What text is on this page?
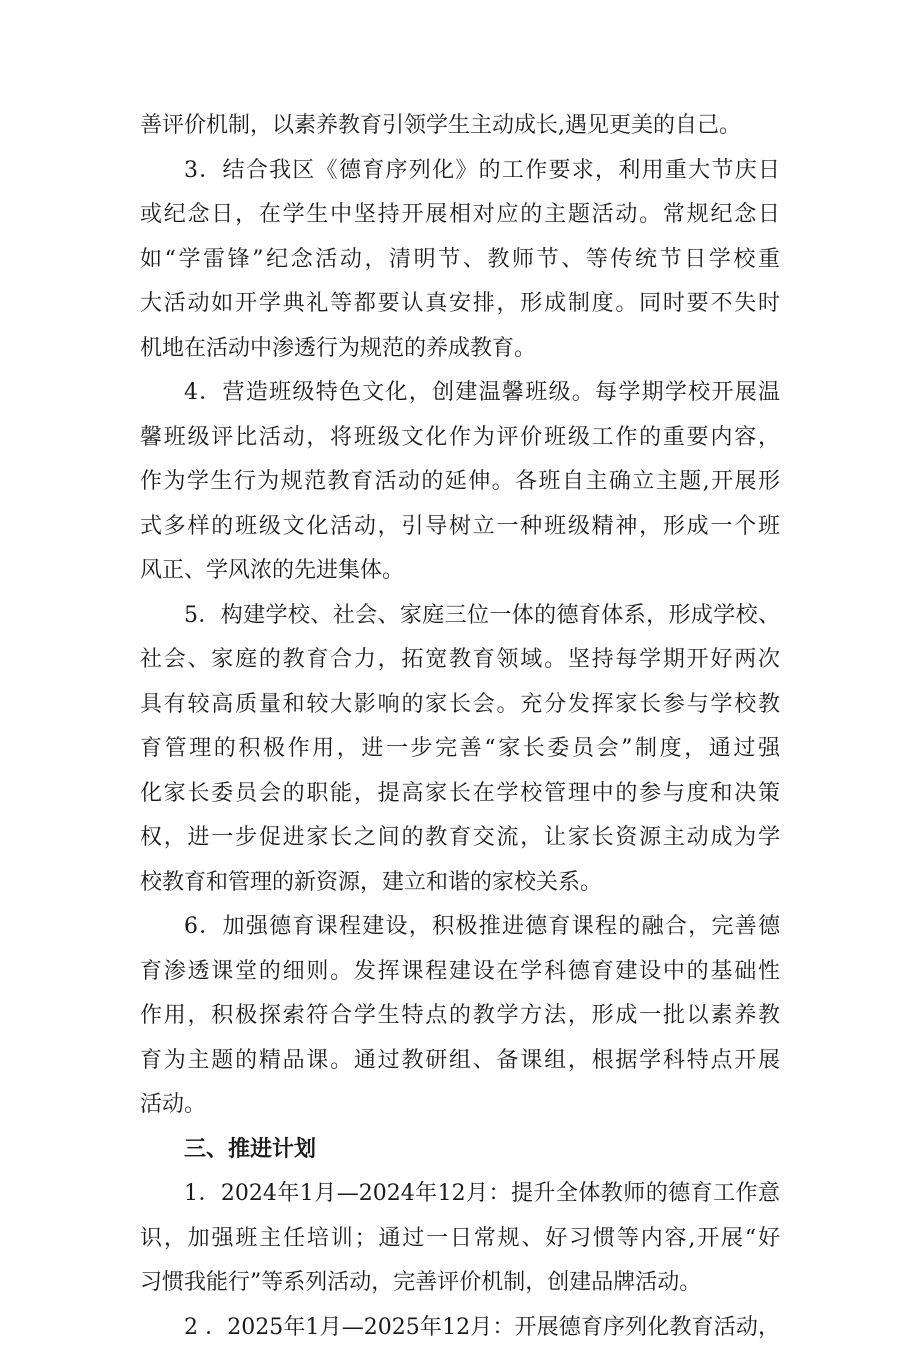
善评价机制，以素养教育引领学生主动成长,遇见更美的自己。
3．结合我区《德育序列化》的工作要求，利用重大节庆日
或纪念日，在学生中坚持开展相对应的主题活动。常规纪念日
如“学雷锋”纪念活动，清明节、教师节、等传统节日学校重
大活动如开学典礼等都要认真安排，形成制度。同时要不失时
机地在活动中渗透行为规范的养成教育。
4．营造班级特色文化，创建温馨班级。每学期学校开展温
馨班级评比活动，将班级文化作为评价班级工作的重要内容，
作为学生行为规范教育活动的延伸。各班自主确立主题,开展形
式多样的班级文化活动，引导树立一种班级精神，形成一个班
风正、学风浓的先进集体。
5．构建学校、社会、家庭三位一体的德育体系，形成学校、
社会、家庭的教育合力，拓宽教育领域。坚持每学期开好两次
具有较高质量和较大影响的家长会。充分发挥家长参与学校教
育管理的积极作用，进一步完善“家长委员会”制度，通过强
化家长委员会的职能，提高家长在学校管理中的参与度和决策
权，进一步促进家长之间的教育交流，让家长资源主动成为学
校教育和管理的新资源，建立和谐的家校关系。
6．加强德育课程建设，积极推进德育课程的融合，完善德
育渗透课堂的细则。发挥课程建设在学科德育建设中的基础性
作用，积极探索符合学生特点的教学方法，形成一批以素养教
育为主题的精品课。通过教研组、备课组，根据学科特点开展
活动。
三、推进计划
1．2024年1月—2024年12月：提升全体教师的德育工作意
识，加强班主任培训；通过一日常规、好习惯等内容,开展“好
习惯我能行”等系列活动，完善评价机制，创建品牌活动。
2 ．2025年1月—2025年12月：开展德育序列化教育活动，
